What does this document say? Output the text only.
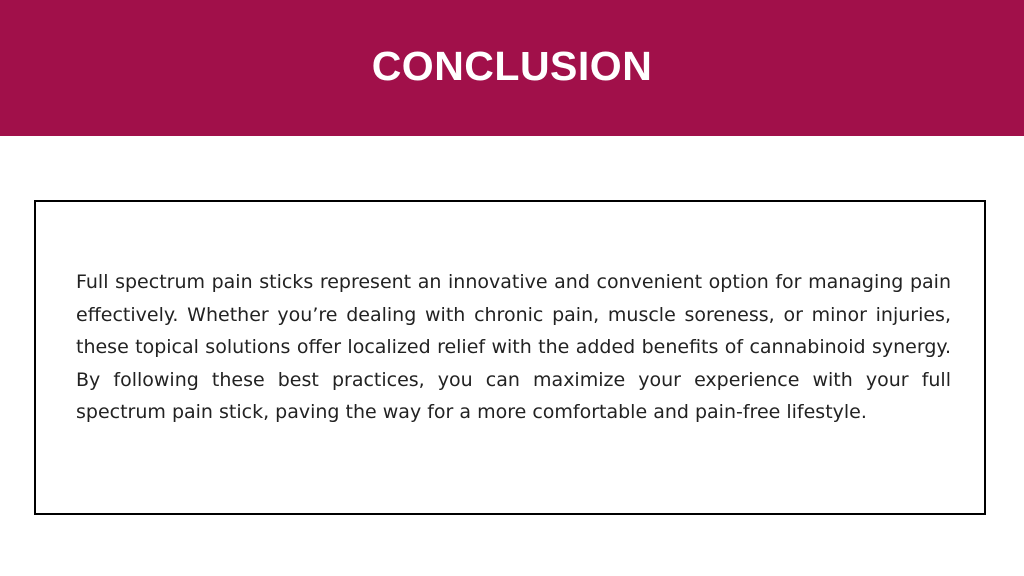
CONCLUSION

Full spectrum pain sticks represent an innovative and convenient option for managing pain effectively. Whether you’re dealing with chronic pain, muscle soreness, or minor injuries, these topical solutions offer localized relief with the added benefits of cannabinoid synergy. By following these best practices, you can maximize your experience with your full spectrum pain stick, paving the way for a more comfortable and pain-free lifestyle.
